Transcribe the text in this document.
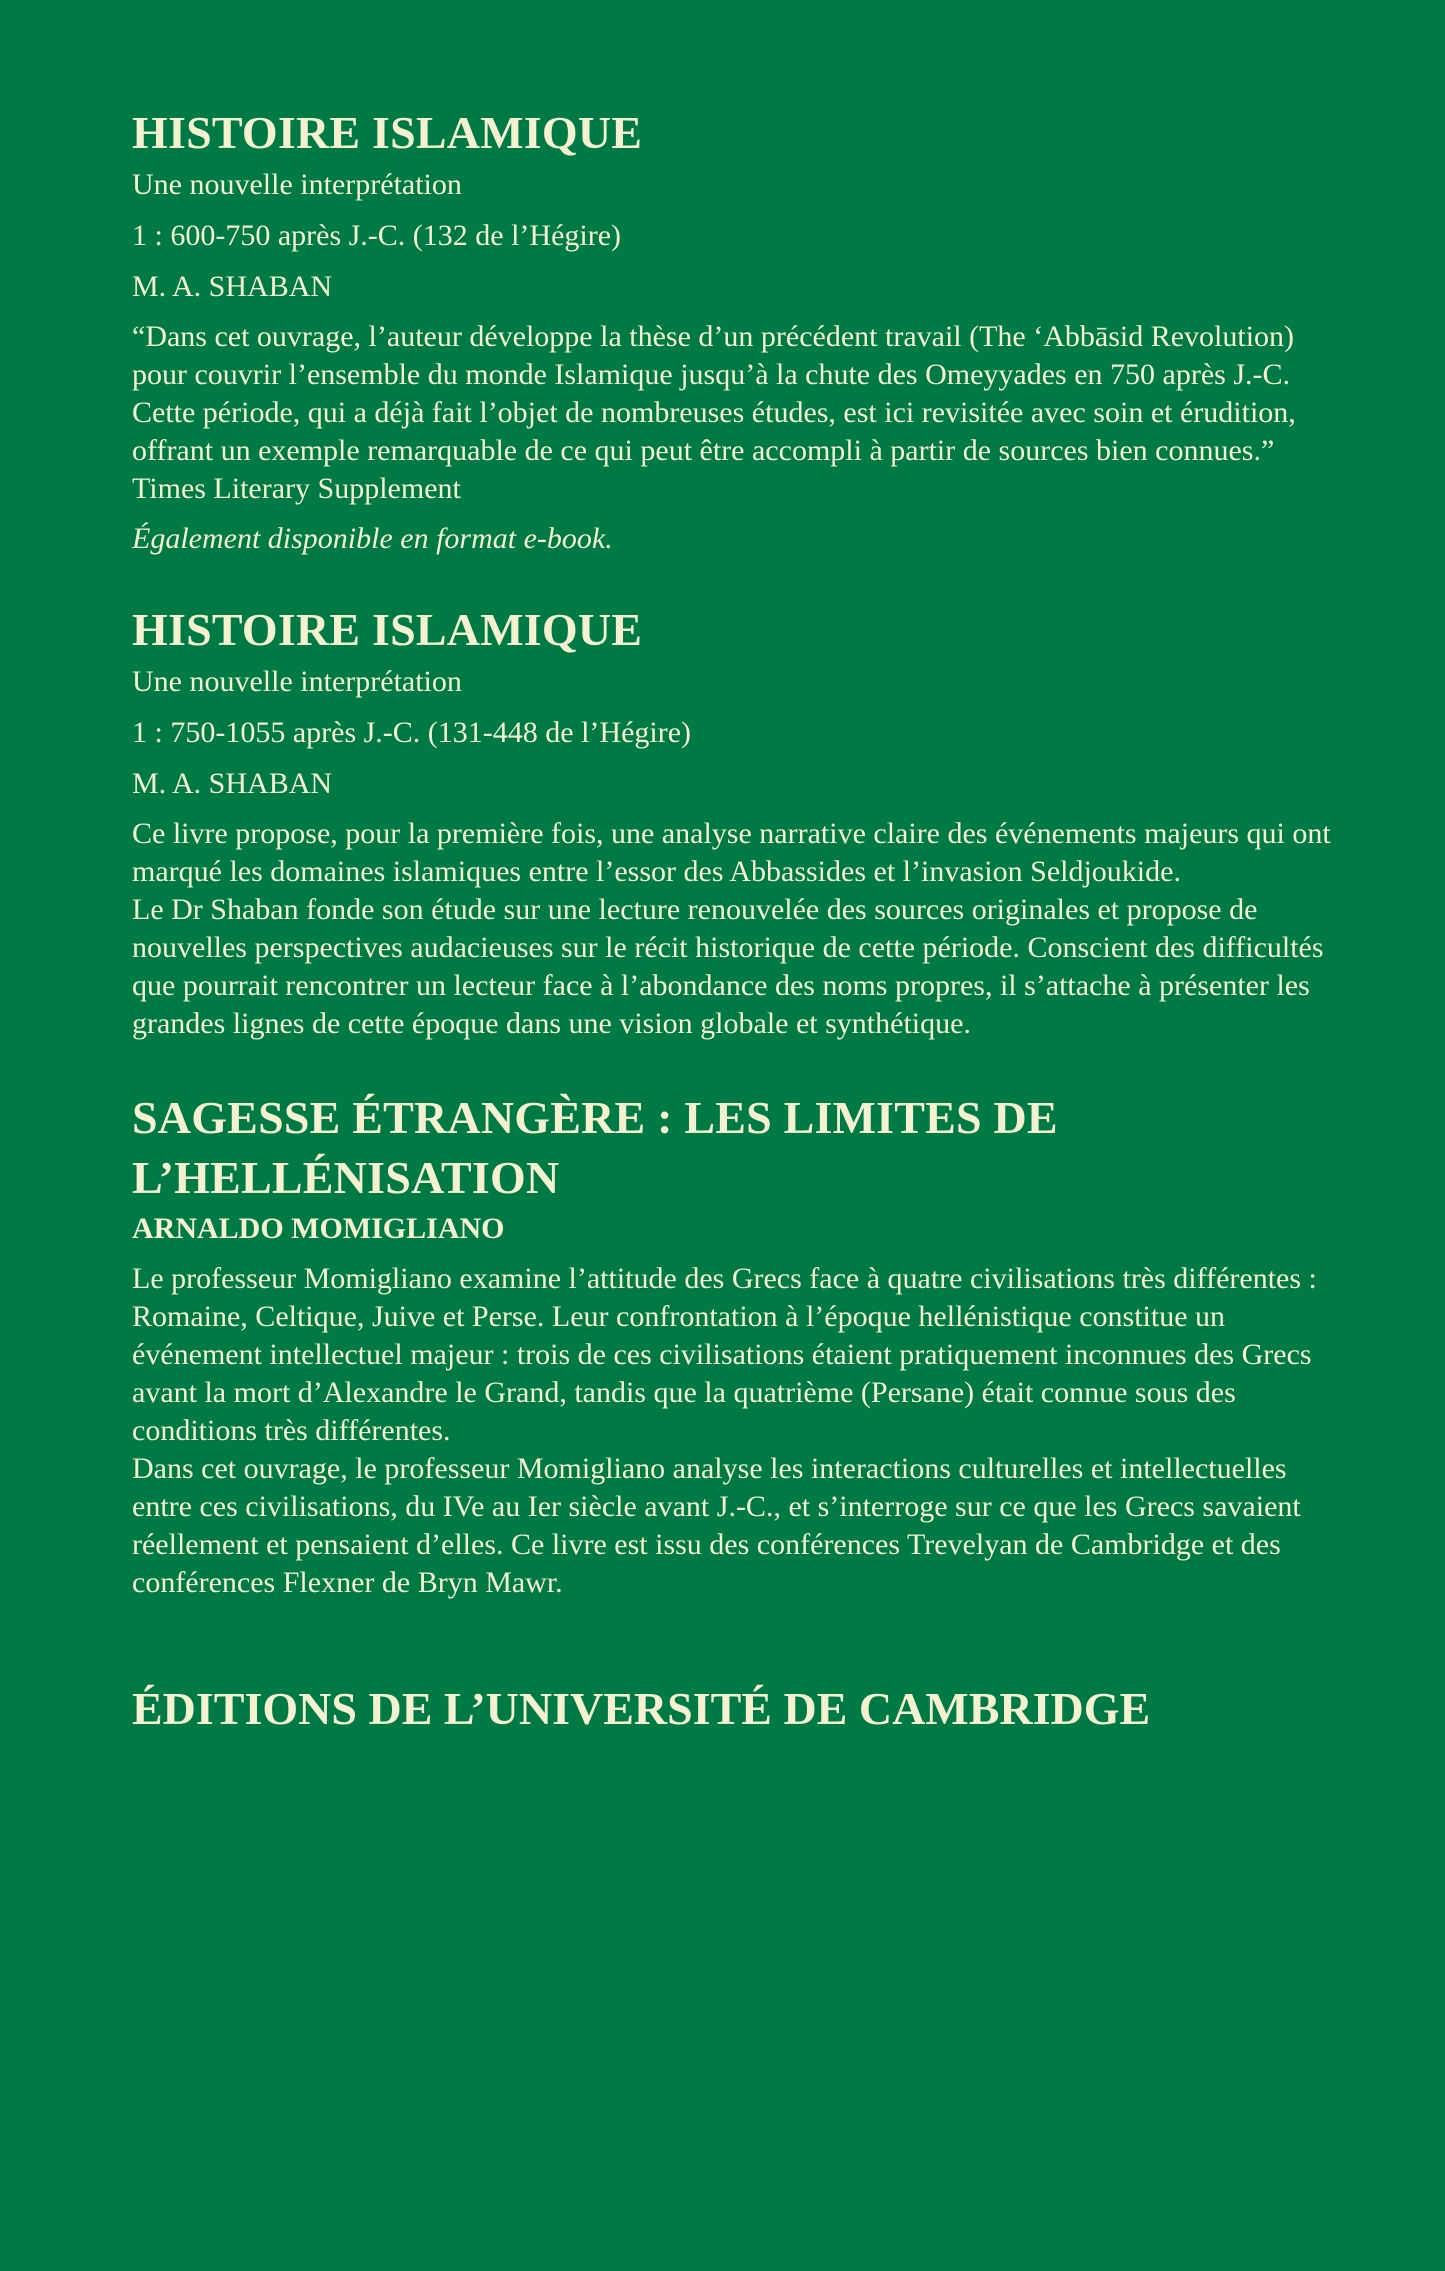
HISTOIRE ISLAMIQUE
Une nouvelle interprétation
1 : 600-750 après J.-C. (132 de l’Hégire)
M. A. SHABAN

“Dans cet ouvrage, l’auteur développe la thèse d’un précédent travail (The ‘Abbāsid Revolution) pour couvrir l’ensemble du monde Islamique jusqu’à la chute des Omeyyades en 750 après J.-C. Cette période, qui a déjà fait l’objet de nombreuses études, est ici revisitée avec soin et érudition, offrant un exemple remarquable de ce qui peut être accompli à partir de sources bien connues.” Times Literary Supplement

Également disponible en format e-book.
HISTOIRE ISLAMIQUE
Une nouvelle interprétation
1 : 750-1055 après J.-C. (131-448 de l’Hégire)
M. A. SHABAN

Ce livre propose, pour la première fois, une analyse narrative claire des événements majeurs qui ont marqué les domaines islamiques entre l’essor des Abbassides et l’invasion Seldjoukide.

Le Dr Shaban fonde son étude sur une lecture renouvelée des sources originales et propose de nouvelles perspectives audacieuses sur le récit historique de cette période. Conscient des difficultés que pourrait rencontrer un lecteur face à l’abondance des noms propres, il s’attache à présenter les grandes lignes de cette époque dans une vision globale et synthétique.

SAGESSE ÉTRANGÈRE : LES LIMITES DE L’HELLÉNISATION
ARNALDO MOMIGLIANO

Le professeur Momigliano examine l’attitude des Grecs face à quatre civilisations très différentes : Romaine, Celtique, Juive et Perse. Leur confrontation à l’époque hellénistique constitue un événement intellectuel majeur : trois de ces civilisations étaient pratiquement inconnues des Grecs avant la mort d’Alexandre le Grand, tandis que la quatrième (Persane) était connue sous des conditions très différentes.

Dans cet ouvrage, le professeur Momigliano analyse les interactions culturelles et intellectuelles entre ces civilisations, du IVe au Ier siècle avant J.-C., et s’interroge sur ce que les Grecs savaient réellement et pensaient d’elles. Ce livre est issu des conférences Trevelyan de Cambridge et des conférences Flexner de Bryn Mawr.

ÉDITIONS DE L’UNIVERSITÉ DE CAMBRIDGE
